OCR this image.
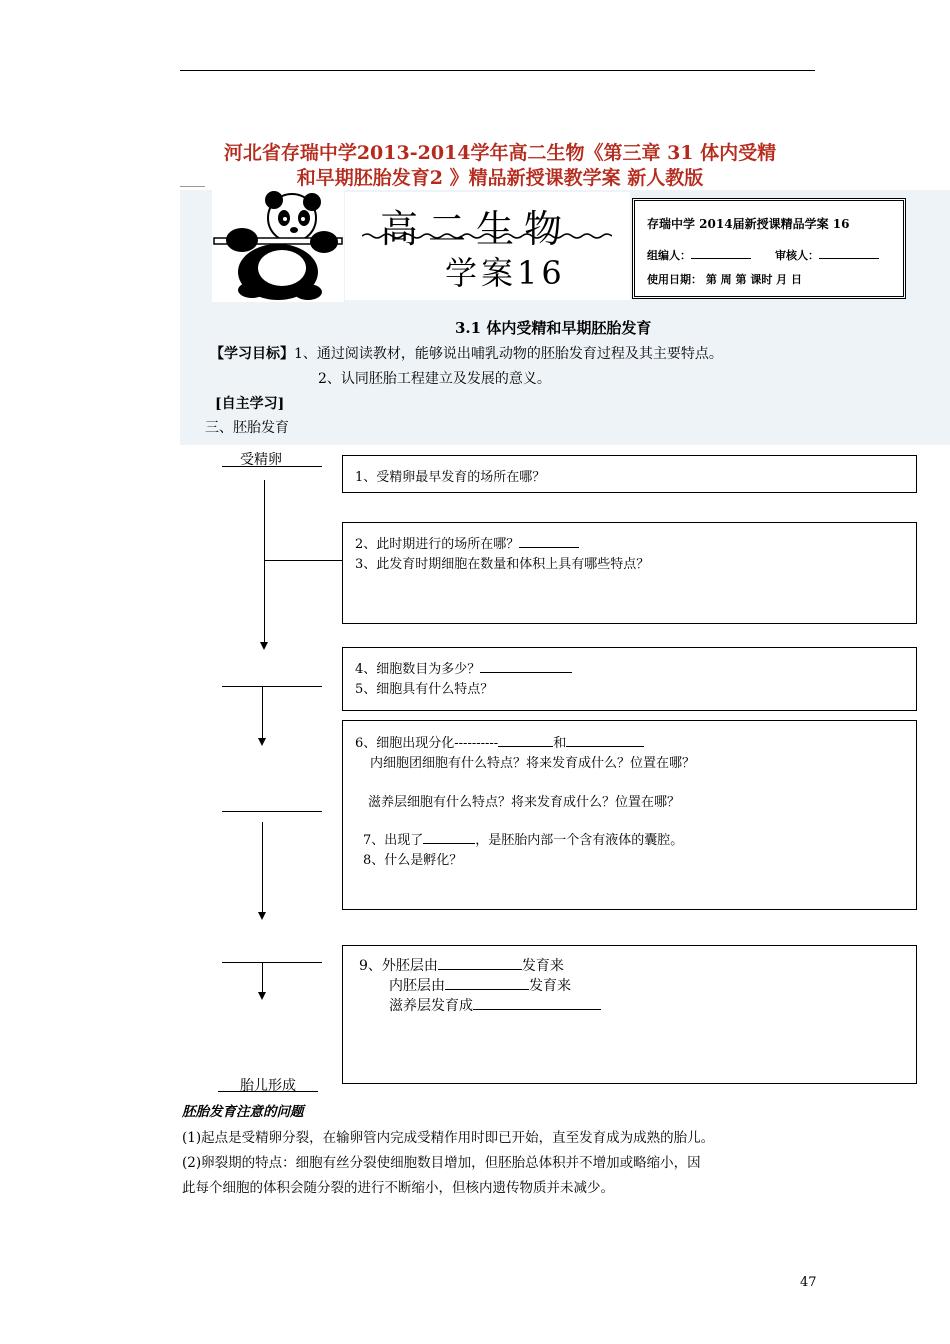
河北省存瑞中学2013-2014学年高二生物《第三章 31 体内受精
和早期胚胎发育2 》精品新授课教学案 新人教版
高二生物
学案16
存瑞中学 2014届新授课精品学案 16
组编人：	审核人：
使用日期： 第 周 第 课时 月 日
3.1 体内受精和早期胚胎发育
【学习目标】1、通过阅读教材，能够说出哺乳动物的胚胎发育过程及其主要特点。
2、认同胚胎工程建立及发展的意义。
[自主学习]
三、胚胎发育
受精卵
胎儿形成
1、受精卵最早发育的场所在哪？
2、此时期进行的场所在哪？
3、此发育时期细胞在数量和体积上具有哪些特点？
4、细胞数目为多少？
5、细胞具有什么特点？
6、细胞出现分化----------	和
内细胞团细胞有什么特点？将来发育成什么？位置在哪？
滋养层细胞有什么特点？将来发育成什么？位置在哪？
7、出现了	，是胚胎内部一个含有液体的囊腔。
8、什么是孵化？
9、外胚层由	发育来
内胚层由	发育来
滋养层发育成
胚胎发育注意的问题
(1)起点是受精卵分裂，在输卵管内完成受精作用时即已开始，直至发育成为成熟的胎儿。
(2)卵裂期的特点：细胞有丝分裂使细胞数目增加，但胚胎总体积并不增加或略缩小，因
此每个细胞的体积会随分裂的进行不断缩小，但核内遗传物质并未减少。
47
